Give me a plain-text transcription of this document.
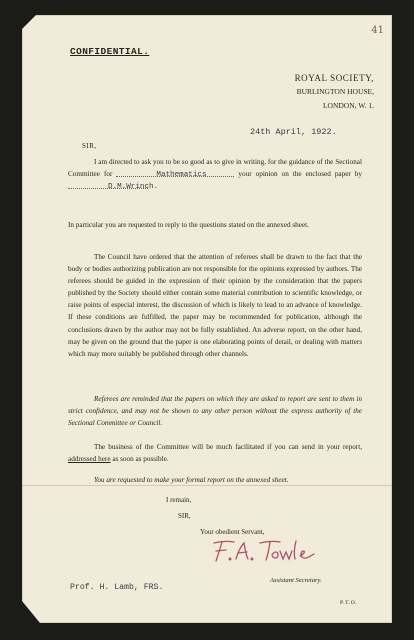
41
CONFIDENTIAL.
ROYAL SOCIETY,
BURLINGTON HOUSE,
LONDON, W. 1.
24th April, 1922.
SIR,
I am directed to ask you to be so good as to give in writing, for the guidance of the Sectional Committee for	Mathematics	your opinion on the enclosed paper by D.M.Wrinch.
In particular you are requested to reply to the questions stated on the annexed sheet.
The Council have ordered that the attention of referees shall be drawn to the fact that the body or bodies authorizing publication are not responsible for the opinions expressed by authors. The referees should be guided in the expression of their opinion by the consideration that the papers published by the Society should either contain some material contribution to scientific knowledge, or raise points of especial interest, the discussion of which is likely to lead to an advance of knowledge. If these conditions are fulfilled, the paper may be recommended for publication, although the conclusions drawn by the author may not be fully established. An adverse report, on the other hand, may be given on the ground that the paper is one elaborating points of detail, or dealing with matters which may more suitably be published through other channels.
Referees are reminded that the papers on which they are asked to report are sent to them in strict confidence, and may not be shown to any other person without the express authority of the Sectional Committee or Council.
The business of the Committee will be much facilitated if you can send in your report, addressed here as soon as possible.
You are requested to make your formal report on the annexed sheet.
I remain,
SIR,
Your obedient Servant,
Assistant Secretary.
Prof. H. Lamb, FRS.
P.T.O.
